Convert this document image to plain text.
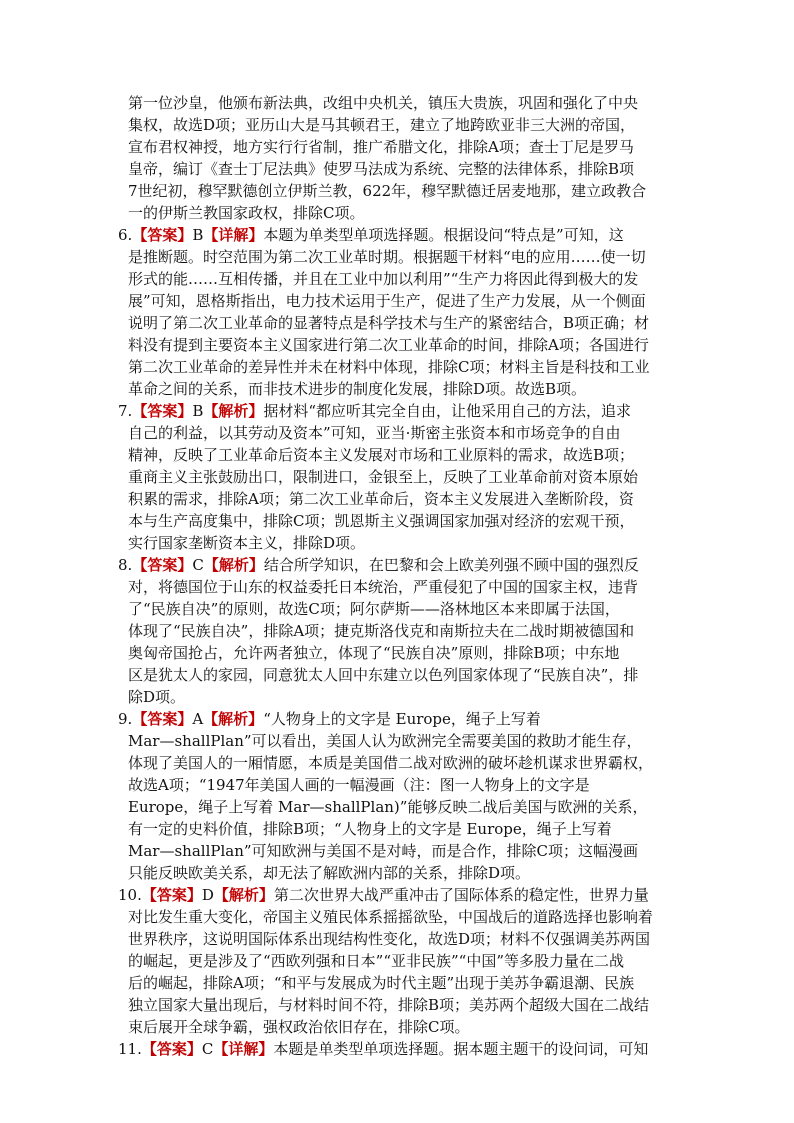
第一位沙皇，他颁布新法典，改组中央机关，镇压大贵族，巩固和强化了中央
集权，故选D项；亚历山大是马其顿君王，建立了地跨欧亚非三大洲的帝国，
宣布君权神授，地方实行行省制，推广希腊文化，排除A项；查士丁尼是罗马
皇帝，编订《查士丁尼法典》使罗马法成为系统、完整的法律体系，排除B项
7世纪初，穆罕默德创立伊斯兰教，622年，穆罕默德迁居麦地那，建立政教合
一的伊斯兰教国家政权，排除C项。
6.【答案】B【详解】本题为单类型单项选择题。根据设问“特点是”可知，这
是推断题。时空范围为第二次工业革时期。根据题干材料“电的应用……使一切
形式的能……互相传播，并且在工业中加以利用”“生产力将因此得到极大的发
展”可知，恩格斯指出，电力技术运用于生产，促进了生产力发展，从一个侧面
说明了第二次工业革命的显著特点是科学技术与生产的紧密结合，B项正确；材
料没有提到主要资本主义国家进行第二次工业革命的时间，排除A项；各国进行
第二次工业革命的差异性并未在材料中体现，排除C项；材料主旨是科技和工业
革命之间的关系，而非技术进步的制度化发展，排除D项。故选B项。
7.【答案】B【解析】据材料“都应听其完全自由，让他采用自己的方法，追求
自己的利益，以其劳动及资本”可知，亚当·斯密主张资本和市场竞争的自由
精神，反映了工业革命后资本主义发展对市场和工业原料的需求，故选B项；
重商主义主张鼓励出口，限制进口，金银至上，反映了工业革命前对资本原始
积累的需求，排除A项；第二次工业革命后，资本主义发展进入垄断阶段，资
本与生产高度集中，排除C项；凯恩斯主义强调国家加强对经济的宏观干预，
实行国家垄断资本主义，排除D项。
8.【答案】C【解析】结合所学知识，在巴黎和会上欧美列强不顾中国的强烈反
对，将德国位于山东的权益委托日本统治，严重侵犯了中国的国家主权，违背
了“民族自决”的原则，故选C项；阿尔萨斯——洛林地区本来即属于法国，
体现了“民族自决”，排除A项；捷克斯洛伐克和南斯拉夫在二战时期被德国和
奥匈帝国抢占，允许两者独立，体现了“民族自决”原则，排除B项；中东地
区是犹太人的家园，同意犹太人回中东建立以色列国家体现了“民族自决”，排
除D项。
9.【答案】A【解析】“人物身上的文字是 Europe，绳子上写着
Mar—shallPlan”可以看出，美国人认为欧洲完全需要美国的救助才能生存，
体现了美国人的一厢情愿，本质是美国借二战对欧洲的破坏趁机谋求世界霸权，
故选A项；“1947年美国人画的一幅漫画（注：图一人物身上的文字是
Europe，绳子上写着 Mar—shallPlan)”能够反映二战后美国与欧洲的关系，
有一定的史料价值，排除B项；“人物身上的文字是 Europe，绳子上写着
Mar—shallPlan”可知欧洲与美国不是对峙，而是合作，排除C项；这幅漫画
只能反映欧美关系，却无法了解欧洲内部的关系，排除D项。
10.【答案】D【解析】第二次世界大战严重冲击了国际体系的稳定性，世界力量
对比发生重大变化，帝国主义殖民体系摇摇欲坠，中国战后的道路选择也影响着
世界秩序，这说明国际体系出现结构性变化，故选D项；材料不仅强调美苏两国
的崛起，更是涉及了“西欧列强和日本”“亚非民族”“中国”等多股力量在二战
后的崛起，排除A项；“和平与发展成为时代主题”出现于美苏争霸退潮、民族
独立国家大量出现后，与材料时间不符，排除B项；美苏两个超级大国在二战结
束后展开全球争霸，强权政治依旧存在，排除C项。
11.【答案】C【详解】本题是单类型单项选择题。据本题主题干的设问词，可知
